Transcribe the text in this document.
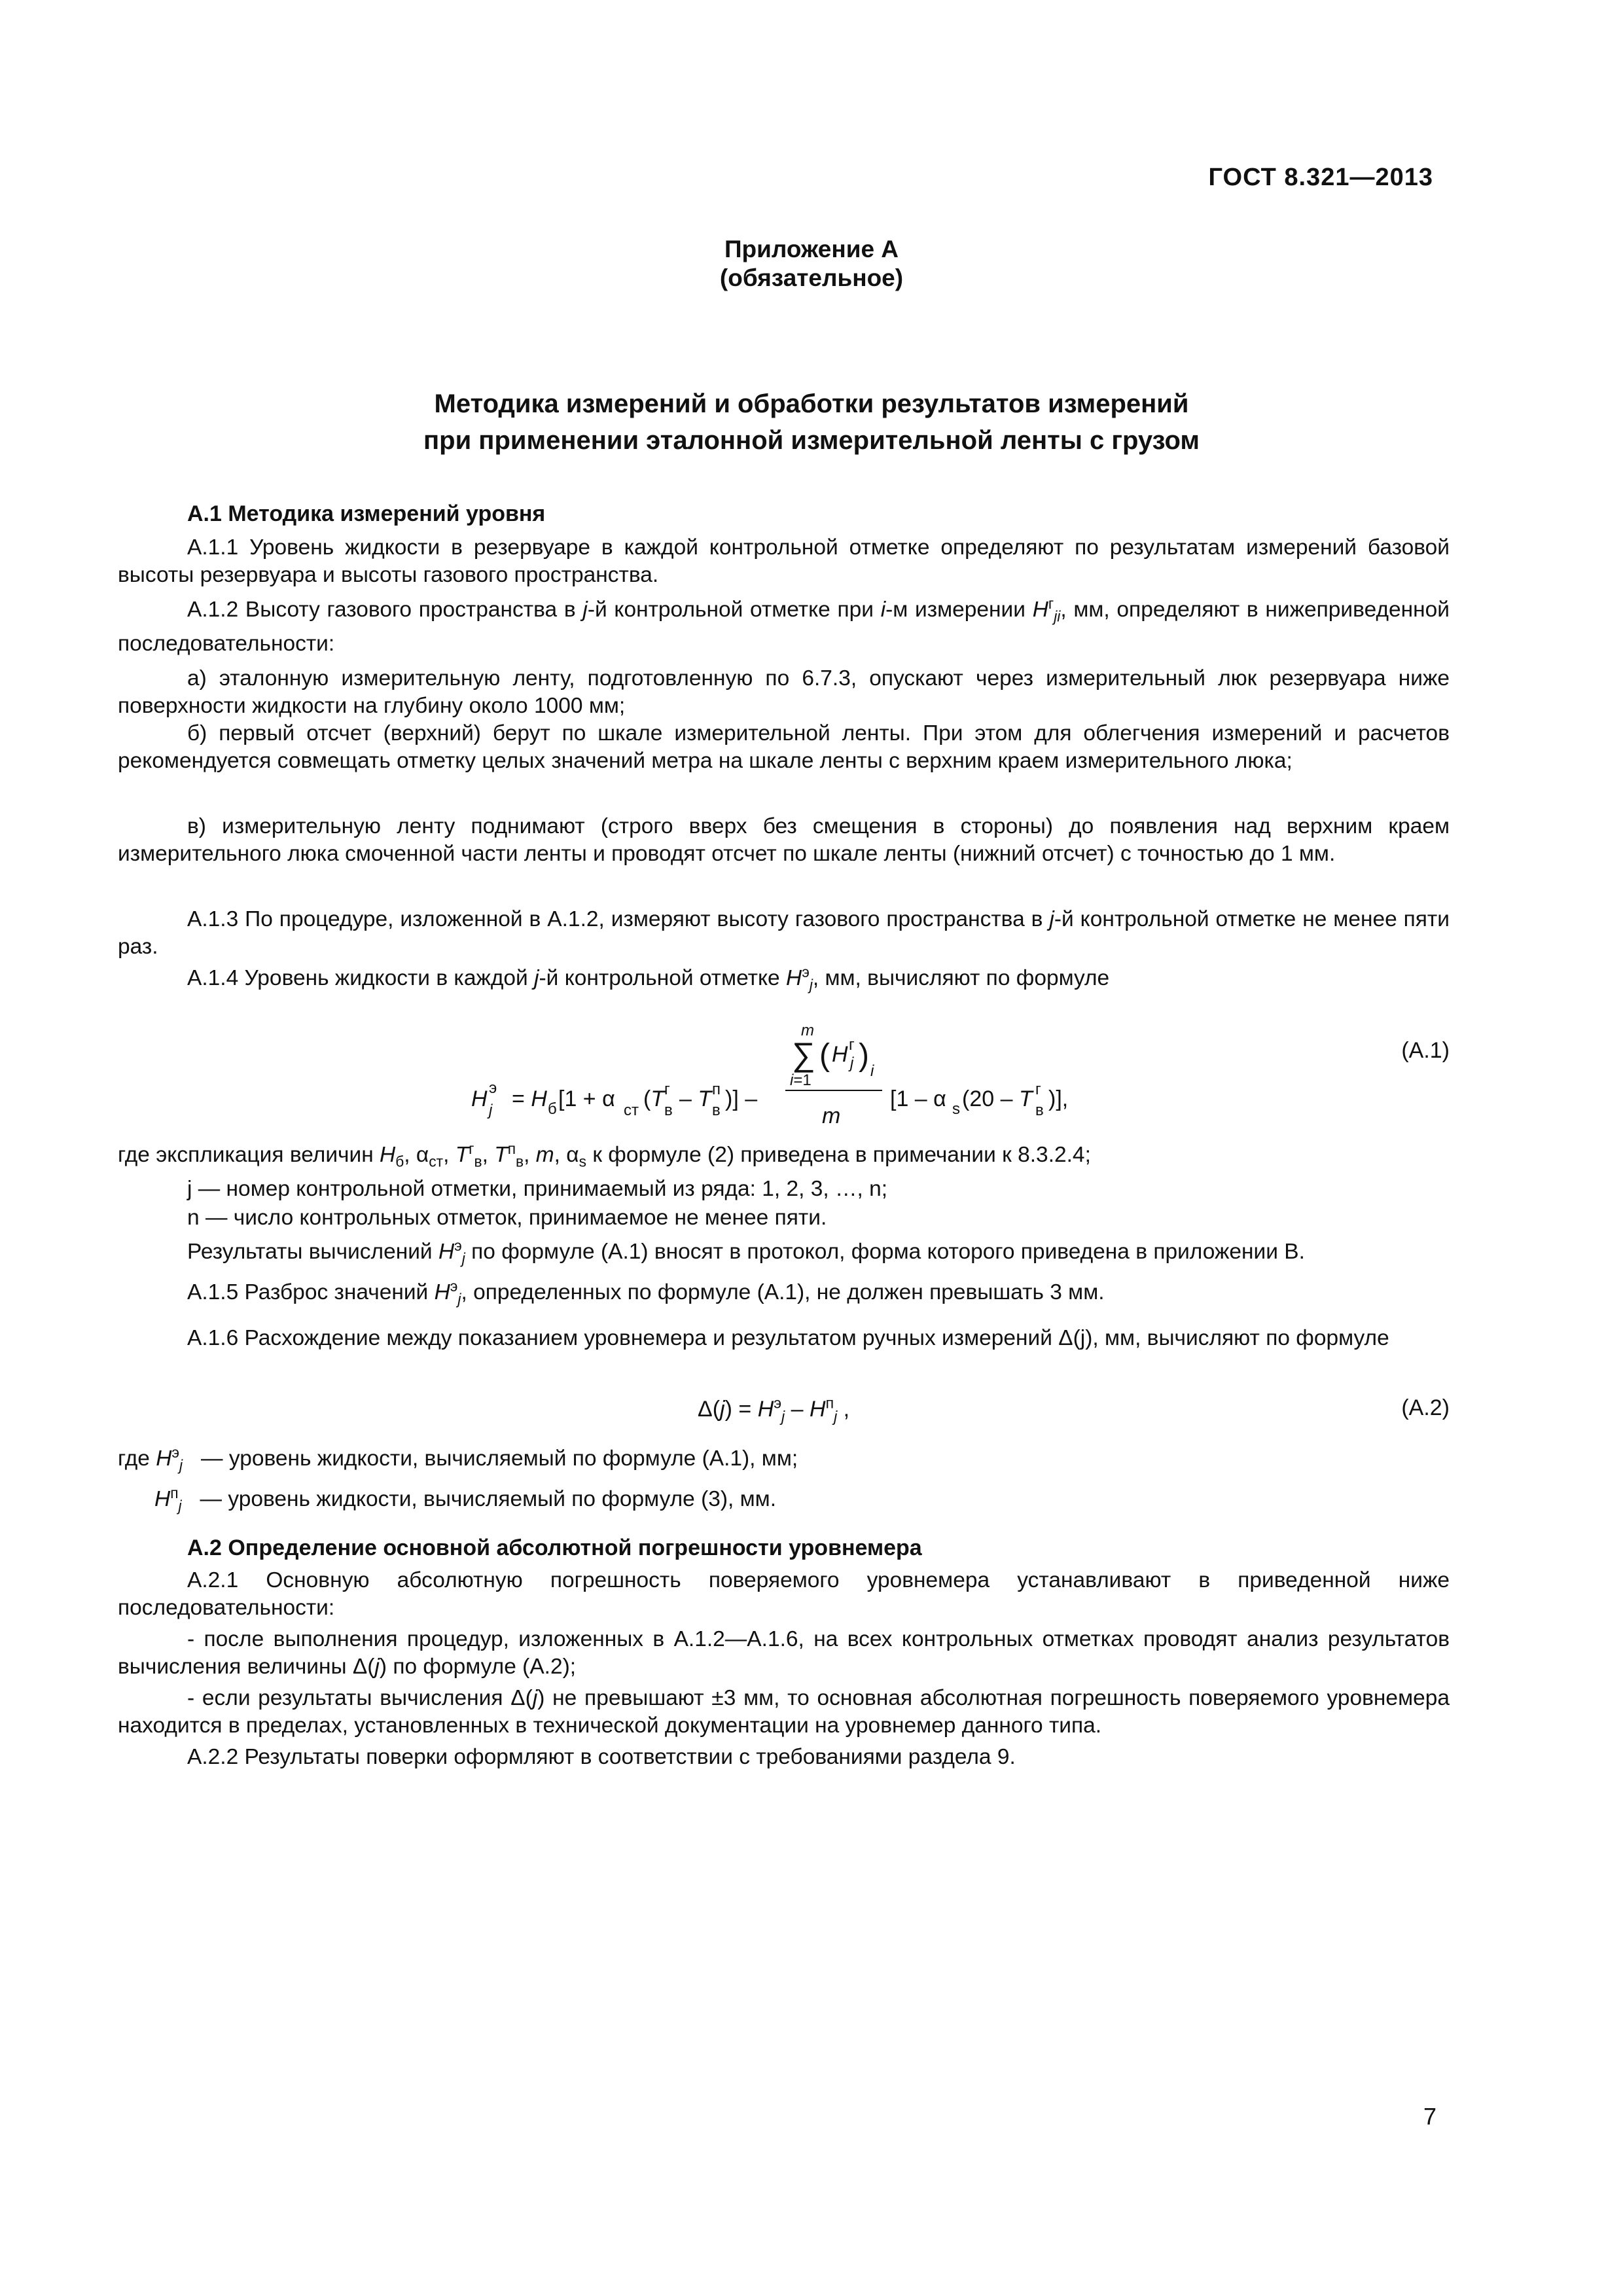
ГОСТ 8.321—2013
Приложение А
(обязательное)
Методика измерений и обработки результатов измерений
при применении эталонной измерительной ленты с грузом
А.1 Методика измерений уровня
А.1.1 Уровень жидкости в резервуаре в каждой контрольной отметке определяют по результатам измерений базовой высоты резервуара и высоты газового пространства.
А.1.2 Высоту газового пространства в j-й контрольной отметке при i-м измерении $H^г_{ji}$, мм, определяют в нижеприведенной последовательности:
а) эталонную измерительную ленту, подготовленную по 6.7.3, опускают через измерительный люк резервуара ниже поверхности жидкости на глубину около 1000 мм;
б) первый отсчет (верхний) берут по шкале измерительной ленты. При этом для облегчения измерений и расчетов рекомендуется совмещать отметку целых значений метра на шкале ленты с верхним краем измерительного люка;
в) измерительную ленту поднимают (строго вверх без смещения в стороны) до появления над верхним краем измерительного люка смоченной части ленты и проводят отсчет по шкале ленты (нижний отсчет) с точностью до 1 мм.
А.1.3 По процедуре, изложенной в А.1.2, измеряют высоту газового пространства в j-й контрольной отметке не менее пяти раз.
А.1.4 Уровень жидкости в каждой j-й контрольной отметке $H^э_j$, мм, вычисляют по формуле
H э
j = H б [1 + α ст (T г
в – T п
в )] –
m
∑ ( H г
j ) i
i=1
m
[1 – α s (20 – T г
в )],
(А.1)
где экспликация величин $H_б$, $\alpha_{ст}$, $T^г_в$, $T^п_в$, m, $\alpha_s$ к формуле (2) приведена в примечании к 8.3.2.4;
j — номер контрольной отметки, принимаемый из ряда: 1, 2, 3, …, n;
n — число контрольных отметок, принимаемое не менее пяти.
Результаты вычислений $H^э_j$ по формуле (А.1) вносят в протокол, форма которого приведена в приложении В.
А.1.5 Разброс значений $H^э_j$, определенных по формуле (А.1), не должен превышать 3 мм.
А.1.6 Расхождение между показанием уровнемера и результатом ручных измерений Δ(j), мм, вычисляют по формуле
$\Delta(j) = H^э_j - H^п_j$ ,	(А.2)
где $H^э_j$ — уровень жидкости, вычисляемый по формуле (А.1), мм;
$H^п_j$ — уровень жидкости, вычисляемый по формуле (3), мм.
А.2 Определение основной абсолютной погрешности уровнемера
А.2.1 Основную абсолютную погрешность поверяемого уровнемера устанавливают в приведенной ниже последовательности:
- после выполнения процедур, изложенных в А.1.2—А.1.6, на всех контрольных отметках проводят анализ результатов вычисления величины Δ(j) по формуле (А.2);
- если результаты вычисления Δ(j) не превышают ±3 мм, то основная абсолютная погрешность поверяемого уровнемера находится в пределах, установленных в технической документации на уровнемер данного типа.
А.2.2 Результаты поверки оформляют в соответствии с требованиями раздела 9.
7
